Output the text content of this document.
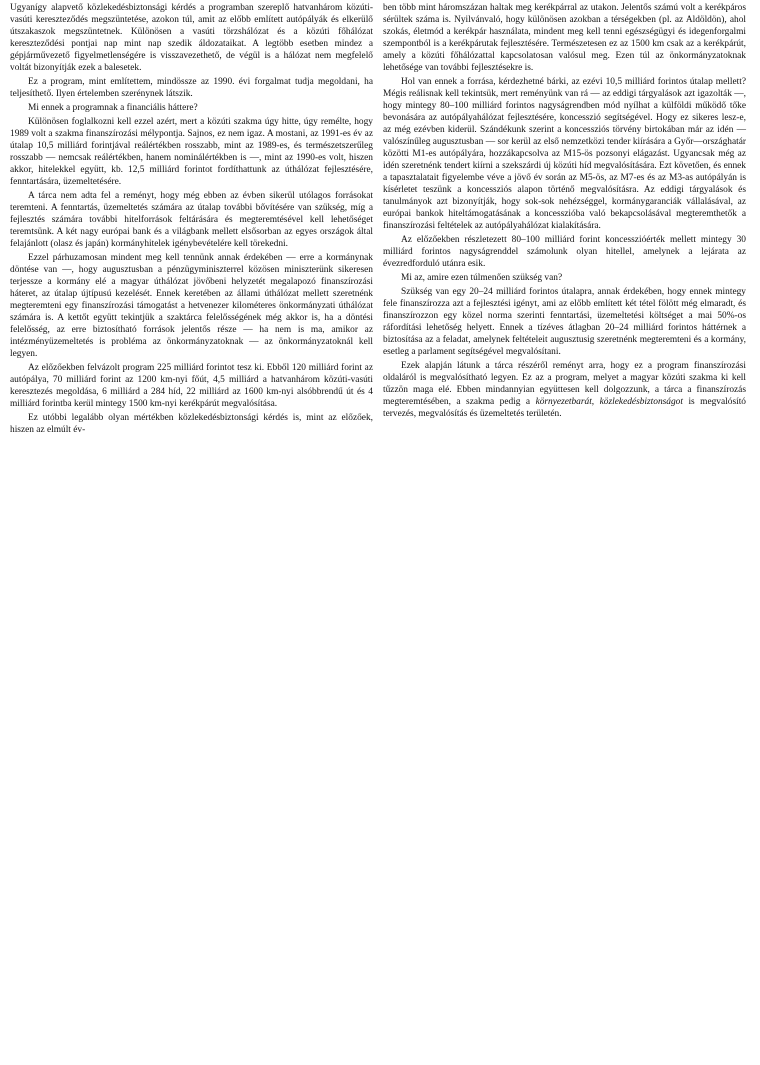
Ugyanígy alapvető közlekedésbiztonsági kérdés a programban szereplő hatvanhárom közúti-vasúti kereszteződés megszüntetése, azokon túl, amit az előbb említett autópályák és elkerülő útszakaszok megszüntetnek. Különösen a vasúti törzshálózat és a közúti főhálózat kereszteződési pontjai nap mint nap szedik áldozataikat. A legtöbb esetben mindez a gépjárművezető figyelmetlenségére is visszavezethető, de végül is a hálózat nem megfelelő voltát bizonyítják ezek a balesetek.

Ez a program, mint említettem, mindössze az 1990. évi forgalmat tudja megoldani, ha teljesíthető. Ilyen értelemben szerénynek látszik.

Mi ennek a programnak a financiális háttere?

Különösen foglalkozni kell ezzel azért, mert a közúti szakma úgy hitte, úgy remélte, hogy 1989 volt a szakma finanszírozási mélypontja. Sajnos, ez nem igaz. A mostani, az 1991-es év az útalap 10,5 milliárd forintjával reálértékben rosszabb, mint az 1989-es, és természetszerűleg rosszabb — nemcsak reálértékben, hanem nominálértékben is —, mint az 1990-es volt, hiszen akkor, hitelekkel együtt, kb. 12,5 milliárd forintot fordíthattunk az úthálózat fejlesztésére, fenntartására, üzemeltetésére.

A tárca nem adta fel a reményt, hogy még ebben az évben sikerül utólagos forrásokat teremteni. A fenntartás, üzemeltetés számára az útalap további bővítésére van szükség, míg a fejlesztés számára további hitelforrások feltárására és megteremtésével kell lehetőséget teremtsünk. A két nagy európai bank és a világbank mellett elsősorban az egyes országok által felajánlott (olasz és japán) kormányhitelek igénybevételére kell törekedni.

Ezzel párhuzamosan mindent meg kell tennünk annak érdekében — erre a kormánynak döntése van —, hogy augusztusban a pénzügyminiszterrel közösen miniszterünk sikeresen terjessze a kormány elé a magyar úthálózat jövőbeni helyzetét megalapozó finanszírozási háteret, az útalap újtípusú kezelését. Ennek keretében az állami úthálózat mellett szeretnénk megteremteni egy finanszírozási támogatást a hetvenezer kilométeres önkormányzati úthálózat számára is. A kettőt együtt tekintjük a szaktárca felelősségének még akkor is, ha a döntési felelősség, az erre biztosítható források jelentős része — ha nem is ma, amikor az intézményüzemeltetés is probléma az önkormányzatoknak — az önkormányzatoknál kell legyen.

Az előzőekben felvázolt program 225 milliárd forintot tesz ki. Ebből 120 milliárd forint az autópálya, 70 milliárd forint az 1200 km-nyi főút, 4,5 milliárd a hatvanhárom közúti-vasúti keresztezés megoldása, 6 milliárd a 284 híd, 22 milliárd az 1600 km-nyi alsóbbrendű út és 4 milliárd forintba kerül mintegy 1500 km-nyi kerékpárút megvalósítása.

Ez utóbbi legalább olyan mértékben közlekedésbiztonsági kérdés is, mint az előzőek, hiszen az elmúlt év-

ben több mint háromszázan haltak meg kerékpárral az utakon. Jelentős számú volt a kerékpáros sérültek száma is. Nyilvánvaló, hogy különösen azokban a térségekben (pl. az Aldöldön), ahol szokás, életmód a kerékpár használata, mindent meg kell tenni egészségügyi és idegenforgalmi szempontból is a kerékpárutak fejlesztésére. Természetesen ez az 1500 km csak az a kerékpárút, amely a közúti főhálózattal kapcsolatosan valósul meg. Ezen túl az önkormányzatoknak lehetősége van további fejlesztésekre is.

Hol van ennek a forrása, kérdezhetné bárki, az ezévi 10,5 milliárd forintos útalap mellett? Mégis reálisnak kell tekintsük, mert reményünk van rá — az eddigi tárgyalások azt igazolták —, hogy mintegy 80–100 milliárd forintos nagyságrendben mód nyílhat a külföldi működő tőke bevonására az autópályahálózat fejlesztésére, koncesszió segítségével. Hogy ez sikeres lesz-e, az még ezévben kiderül. Szándékunk szerint a koncessziós törvény birtokában már az idén — valószínűleg augusztusban — sor kerül az első nemzetközi tender kiírására a Győr—országhatár közötti M1-es autópályára, hozzákapcsolva az M15-ös pozsonyi elágazást. Ugyancsak még az idén szeretnénk tendert kiírni a szekszárdi új közúti híd megvalósítására. Ezt követően, és ennek a tapasztalatait figyelembe véve a jövő év során az M5-ös, az M7-es és az M3-as autópályán is kísérletet teszünk a koncessziós alapon történő megvalósításra. Az eddigi tárgyalások és tanulmányok azt bizonyítják, hogy sok-sok nehézséggel, kormánygaranciák vállalásával, az európai bankok hiteltámogatásának a koncesszióba való bekapcsolásával megteremthetők a finanszírozási feltételek az autópályahálózat kialakítására.

Az előzőekben részletezett 80–100 milliárd forint koncesszióérték mellett mintegy 30 milliárd forintos nagyságrenddel számolunk olyan hitellel, amelynek a lejárata az évezredforduló utánra esik.

Mi az, amire ezen túlmenően szükség van?

Szükség van egy 20–24 milliárd forintos útalapra, annak érdekében, hogy ennek mintegy fele finanszírozza azt a fejlesztési igényt, ami az előbb említett két tétel fölött még elmaradt, és finanszírozzon egy közel norma szerinti fenntartási, üzemeltetési költséget a mai 50%-os ráfordítási lehetőség helyett. Ennek a tízéves átlagban 20–24 milliárd forintos háttérnek a biztosítása az a feladat, amelynek feltételeit augusztusig szeretnénk megteremteni és a kormány, esetleg a parlament segítségével megvalósítani.

Ezek alapján látunk a tárca részéről reményt arra, hogy ez a program finanszírozási oldaláról is megvalósítható legyen. Ez az a program, melyet a magyar közúti szakma ki kell tűzzön maga elé. Ebben mindannyian együttesen kell dolgozzunk, a tárca a finanszírozás megteremtésében, a szakma pedig a környezetbarát, közlekedésbiztonságot is megvalósító tervezés, megvalósítás és üzemeltetés területén.
